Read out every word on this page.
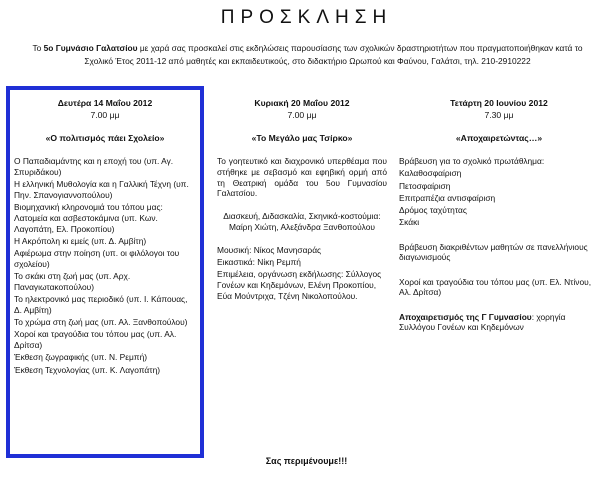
ΠΡΟΣΚΛΗΣΗ
Το 5ο Γυμνάσιο Γαλατσίου με χαρά σας προσκαλεί στις εκδηλώσεις παρουσίασης των σχολικών δραστηριοτήτων που πραγματοποιήθηκαν κατά το
Σχολικό Έτος 2011-12 από μαθητές και εκπαιδευτικούς, στο διδακτήριο Ωρωπού και Φαύνου, Γαλάτσι, τηλ. 210-2910222
Δευτέρα 14 Μαΐου 2012
7.00 μμ
«Ο πολιτισμός πάει Σχολείο»
Ο Παπαδιαμάντης και η εποχή του (υπ. Αγ. Σπυριδάκου)
Η ελληνική Μυθολογία και η Γαλλική Τέχνη (υπ. Πην. Σπανογιαννοπούλου)
Βιομηχανική κληρονομιά του τόπου μας: Λατομεία και ασβεστοκάμινα (υπ. Κων. Λαγοπάτη, Ελ. Προκοπίου)
Η Ακρόπολη κι εμείς (υπ. Δ. Αμβίτη)
Αφιέρωμα στην ποίηση (υπ. οι φιλόλογοι του σχολείου)
Το σκάκι στη ζωή μας (υπ. Αρχ. Παναγιωτακοπούλου)
Το ηλεκτρονικό μας περιοδικό (υπ. Ι. Κάπουας, Δ. Αμβίτη)
Το χρώμα στη ζωή μας (υπ. Αλ. Ξανθοπούλου)
Χοροί και τραγούδια του τόπου μας (υπ. Αλ. Δρίτσα)
Έκθεση ζωγραφικής (υπ. Ν. Ρεμπή)
Έκθεση Τεχνολογίας (υπ. Κ. Λαγοπάτη)
Κυριακή 20 Μαΐου 2012
7.00 μμ
«Το Μεγάλο μας Τσίρκο»
Το γοητευτικό και διαχρονικό υπερθέαμα που στήθηκε με σεβασμό και εφηβική ορμή από τη Θεατρική ομάδα του 5ου Γυμνασίου Γαλατσίου.
Διασκευή, Διδασκαλία, Σκηνικά-κοστούμια: Μαίρη Χιώτη, Αλεξάνδρα Ξανθοπούλου
Μουσική: Νίκος Μανησαράς
Εικαστικά: Νίκη Ρεμπή
Επιμέλεια, οργάνωση εκδήλωσης: Σύλλογος Γονέων και Κηδεμόνων, Ελένη Προκοπίου, Εύα Μούντριχα, Τζένη Νικολοπούλου.
Τετάρτη 20 Ιουνίου 2012
7.30 μμ
«Αποχαιρετώντας…»
Βράβευση για το σχολικό πρωτάθλημα:
Καλαθοσφαίριση
Πετοσφαίριση
Επιτραπέζια αντισφαίριση
Δρόμος ταχύτητας
Σκάκι
Βράβευση διακριθέντων μαθητών σε πανελλήνιους διαγωνισμούς
Χοροί και τραγούδια του τόπου μας (υπ. Ελ. Ντίνου, Αλ. Δρίτσα)
Αποχαιρετισμός της Γ Γυμνασίου: χορηγία Συλλόγου Γονέων και Κηδεμόνων
Σας περιμένουμε!!!
